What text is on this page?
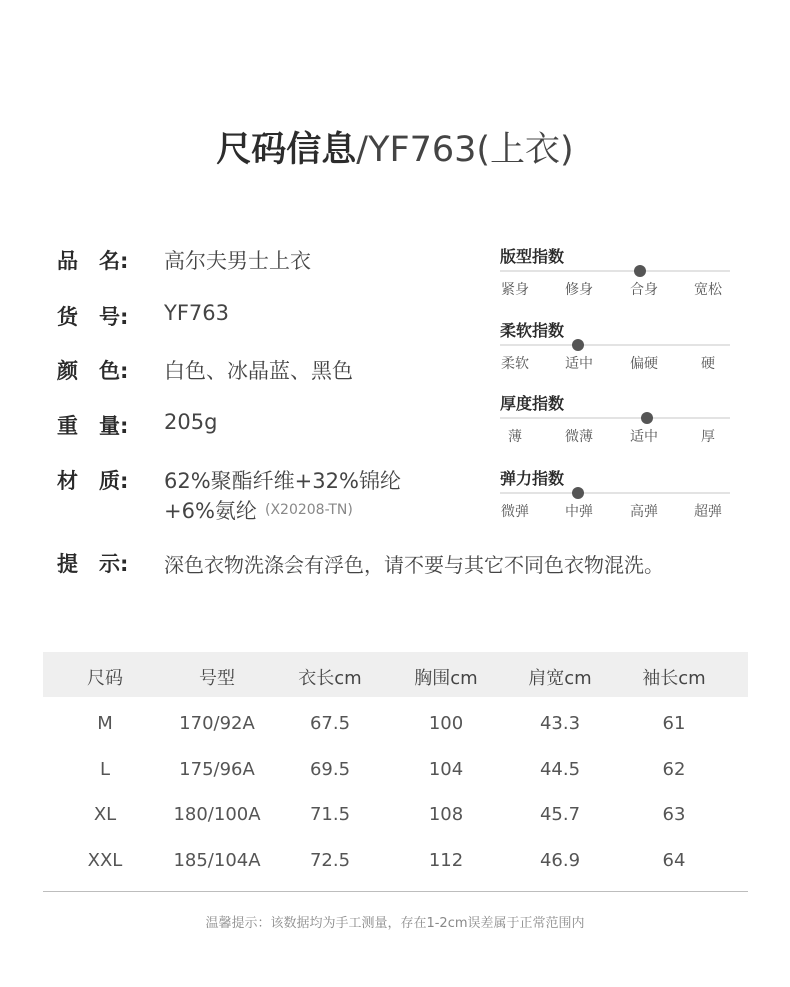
尺码信息/YF763(上衣)
品　名:	高尔夫男士上衣
货　号:	YF763
颜　色:	白色、冰晶蓝、黑色
重　量:	205g
材　质:	62%聚酯纤维+32%锦纶
+6%氨纶 (X20208-TN)
提　示:	深色衣物洗涤会有浮色，请不要与其它不同色衣物混洗。
版型指数
紧身	修身	合身	宽松
柔软指数
柔软	适中	偏硬	硬
厚度指数
薄	微薄	适中	厚
弹力指数
微弹	中弹	高弹	超弹
尺码	号型	衣长cm	胸围cm	肩宽cm	袖长cm
M	170/92A	67.5	100	43.3	61
L	175/96A	69.5	104	44.5	62
XL	180/100A	71.5	108	45.7	63
XXL	185/104A	72.5	112	46.9	64
温馨提示：该数据均为手工测量，存在1-2cm误差属于正常范围内
